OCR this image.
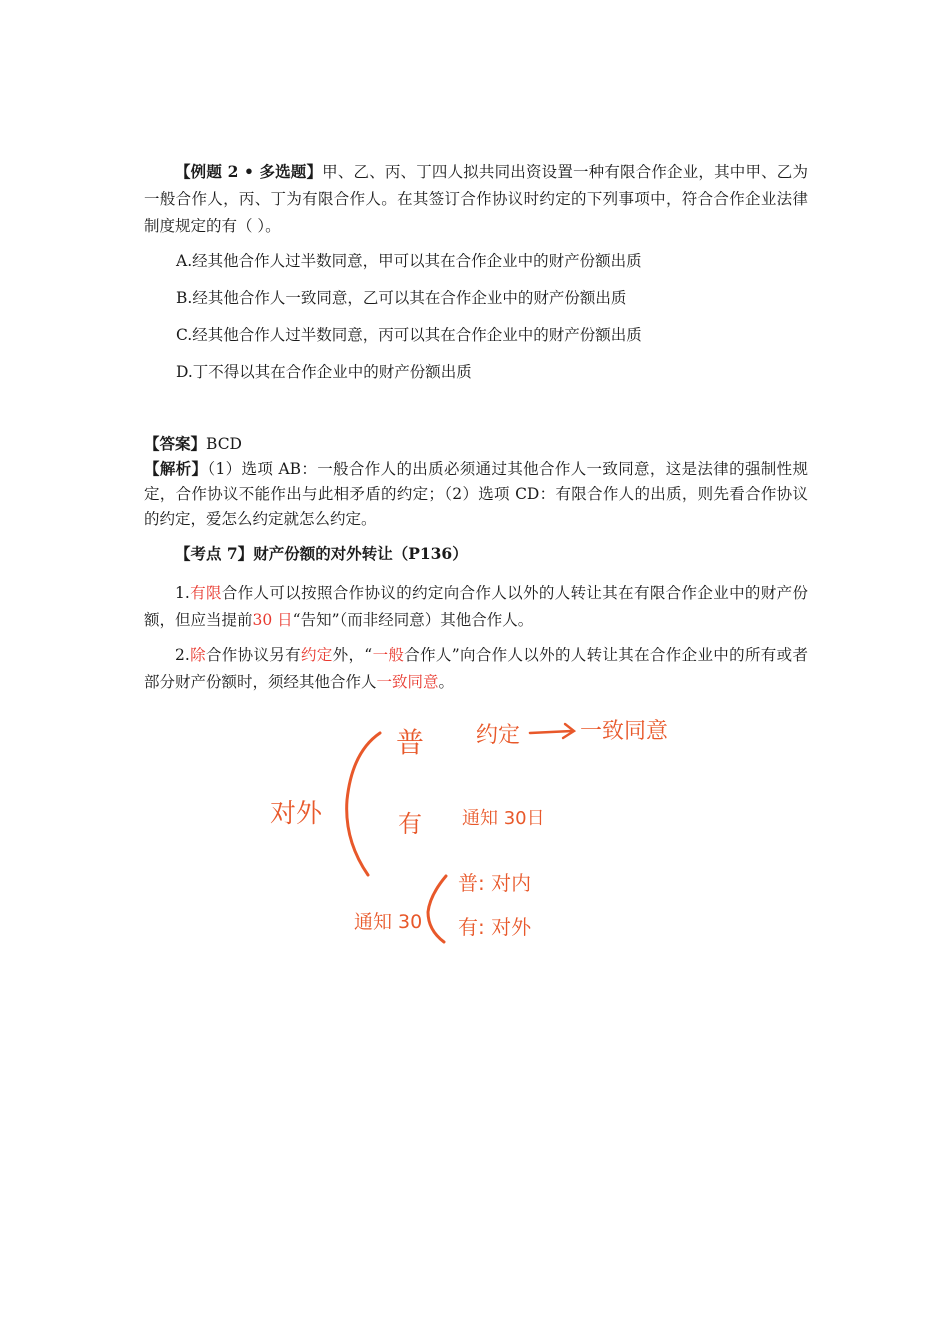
【例题 2 • 多选题】甲、乙、丙、丁四人拟共同出资设置一种有限合作企业，其中甲、乙为一般合作人，丙、丁为有限合作人。在其签订合作协议时约定的下列事项中，符合合作企业法律制度规定的有（ ）。

A.经其他合作人过半数同意，甲可以其在合作企业中的财产份额出质
B.经其他合作人一致同意，乙可以其在合作企业中的财产份额出质
C.经其他合作人过半数同意，丙可以其在合作企业中的财产份额出质
D.丁不得以其在合作企业中的财产份额出质
【答案】BCD

【解析】（1）选项 AB：一般合作人的出质必须通过其他合作人一致同意，这是法律的强制性规定，合作协议不能作出与此相矛盾的约定；（2）选项 CD：有限合作人的出质，则先看合作协议的约定，爱怎么约定就怎么约定。

【考点 7】财产份额的对外转让（P136）

1.有限合作人可以按照合作协议的约定向合作人以外的人转让其在有限合作企业中的财产份额，但应当提前30 日“告知”（而非经同意）其他合作人。

2.除合作协议另有约定外，“一般合作人”向合作人以外的人转让其在合作企业中的所有或者部分财产份额时，须经其他合作人一致同意。

对外
普 约定	一致同意
有 通知 30日
通知 30
普: 对内
有: 对外
